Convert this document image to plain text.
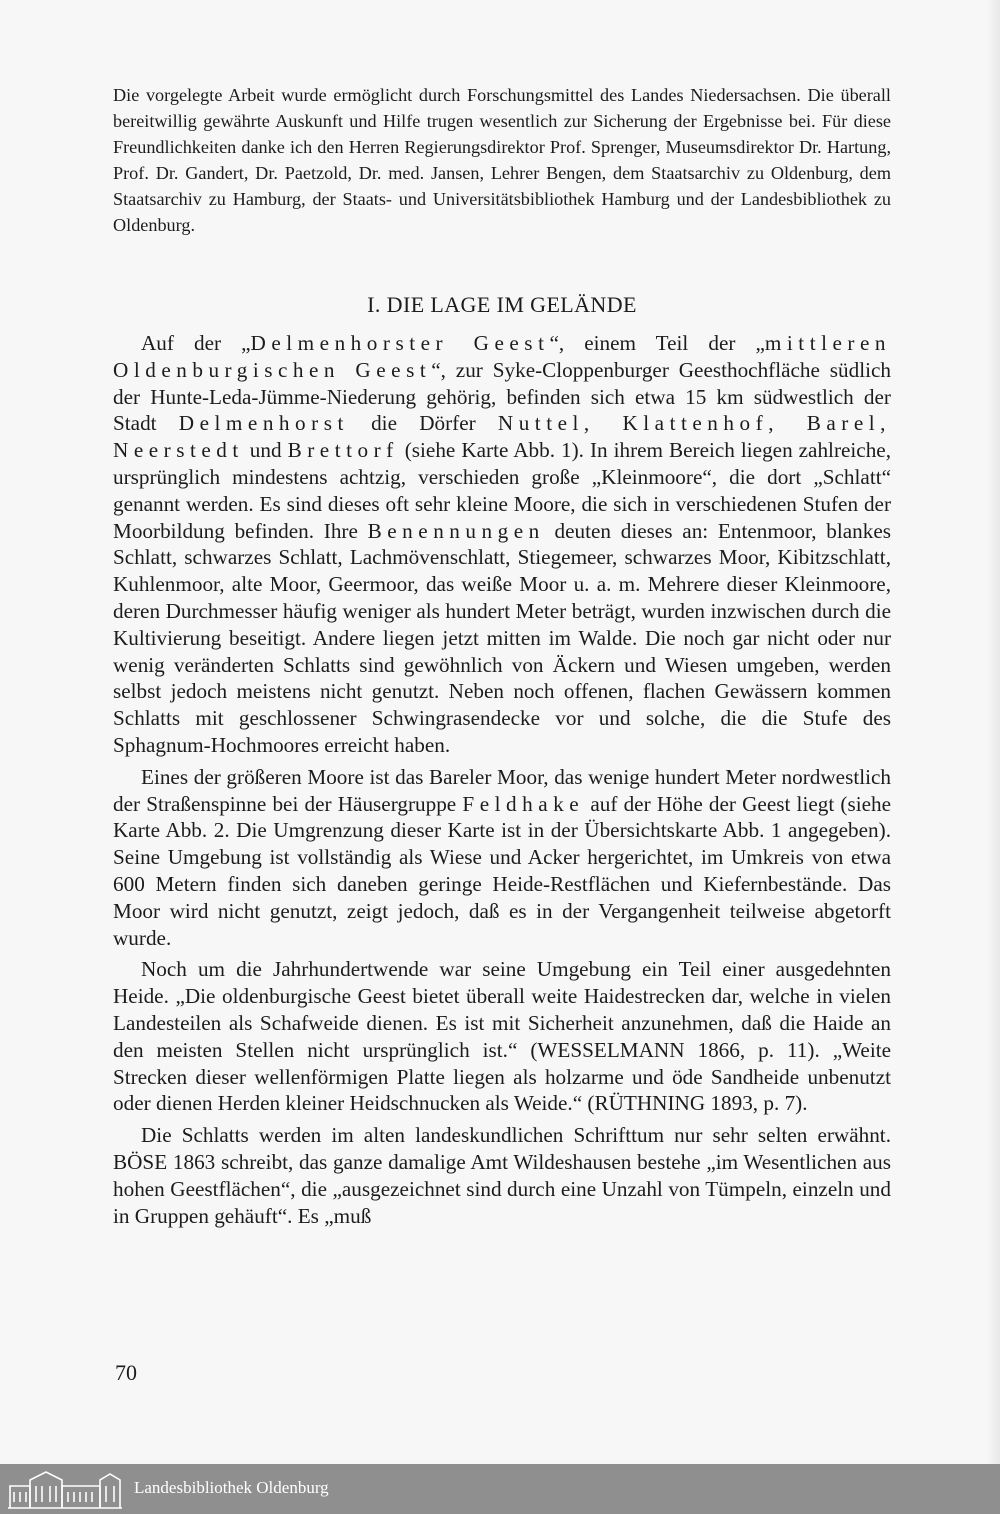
Die vorgelegte Arbeit wurde ermöglicht durch Forschungsmittel des Landes Niedersachsen. Die überall bereitwillig gewährte Auskunft und Hilfe trugen wesentlich zur Sicherung der Ergebnisse bei. Für diese Freundlichkeiten danke ich den Herren Regierungsdirektor Prof. Sprenger, Museumsdirektor Dr. Hartung, Prof. Dr. Gandert, Dr. Paetzold, Dr. med. Jansen, Lehrer Bengen, dem Staatsarchiv zu Oldenburg, dem Staatsarchiv zu Hamburg, der Staats- und Universitätsbibliothek Hamburg und der Landesbibliothek zu Oldenburg.
I. DIE LAGE IM GELÄNDE

Auf der „Delmenhorster Geest“, einem Teil der „mittleren Oldenburgischen Geest“, zur Syke-Cloppenburger Geesthochfläche südlich der Hunte-Leda-Jümme-Niederung gehörig, befinden sich etwa 15 km südwestlich der Stadt Delmenhorst die Dörfer Nuttel, Klattenhof, Barel, Neerstedt und Brettorf (siehe Karte Abb. 1). In ihrem Bereich liegen zahlreiche, ursprünglich mindestens achtzig, verschieden große „Kleinmoore“, die dort „Schlatt“ genannt werden. Es sind dieses oft sehr kleine Moore, die sich in verschiedenen Stufen der Moorbildung befinden. Ihre Benennungen deuten dieses an: Entenmoor, blankes Schlatt, schwarzes Schlatt, Lachmövenschlatt, Stiegemeer, schwarzes Moor, Kibitzschlatt, Kuhlenmoor, alte Moor, Geermoor, das weiße Moor u. a. m. Mehrere dieser Kleinmoore, deren Durchmesser häufig weniger als hundert Meter beträgt, wurden inzwischen durch die Kultivierung beseitigt. Andere liegen jetzt mitten im Walde. Die noch gar nicht oder nur wenig veränderten Schlatts sind gewöhnlich von Äckern und Wiesen umgeben, werden selbst jedoch meistens nicht genutzt. Neben noch offenen, flachen Gewässern kommen Schlatts mit geschlossener Schwingrasendecke vor und solche, die die Stufe des Sphagnum-Hochmoores erreicht haben.

Eines der größeren Moore ist das Bareler Moor, das wenige hundert Meter nordwestlich der Straßenspinne bei der Häusergruppe Feldhake auf der Höhe der Geest liegt (siehe Karte Abb. 2. Die Umgrenzung dieser Karte ist in der Übersichtskarte Abb. 1 angegeben). Seine Umgebung ist vollständig als Wiese und Acker hergerichtet, im Umkreis von etwa 600 Metern finden sich daneben geringe Heide-Restflächen und Kiefernbestände. Das Moor wird nicht genutzt, zeigt jedoch, daß es in der Vergangenheit teilweise abgetorft wurde.

Noch um die Jahrhundertwende war seine Umgebung ein Teil einer ausgedehnten Heide. „Die oldenburgische Geest bietet überall weite Haidestrecken dar, welche in vielen Landesteilen als Schafweide dienen. Es ist mit Sicherheit anzunehmen, daß die Haide an den meisten Stellen nicht ursprünglich ist.“ (WESSELMANN 1866, p. 11). „Weite Strecken dieser wellenförmigen Platte liegen als holzarme und öde Sandheide unbenutzt oder dienen Herden kleiner Heidschnucken als Weide.“ (RÜTHNING 1893, p. 7).

Die Schlatts werden im alten landeskundlichen Schrifttum nur sehr selten erwähnt. BÖSE 1863 schreibt, das ganze damalige Amt Wildeshausen bestehe „im Wesentlichen aus hohen Geestflächen“, die „ausgezeichnet sind durch eine Unzahl von Tümpeln, einzeln und in Gruppen gehäuft“. Es „muß

70
Landesbibliothek Oldenburg
